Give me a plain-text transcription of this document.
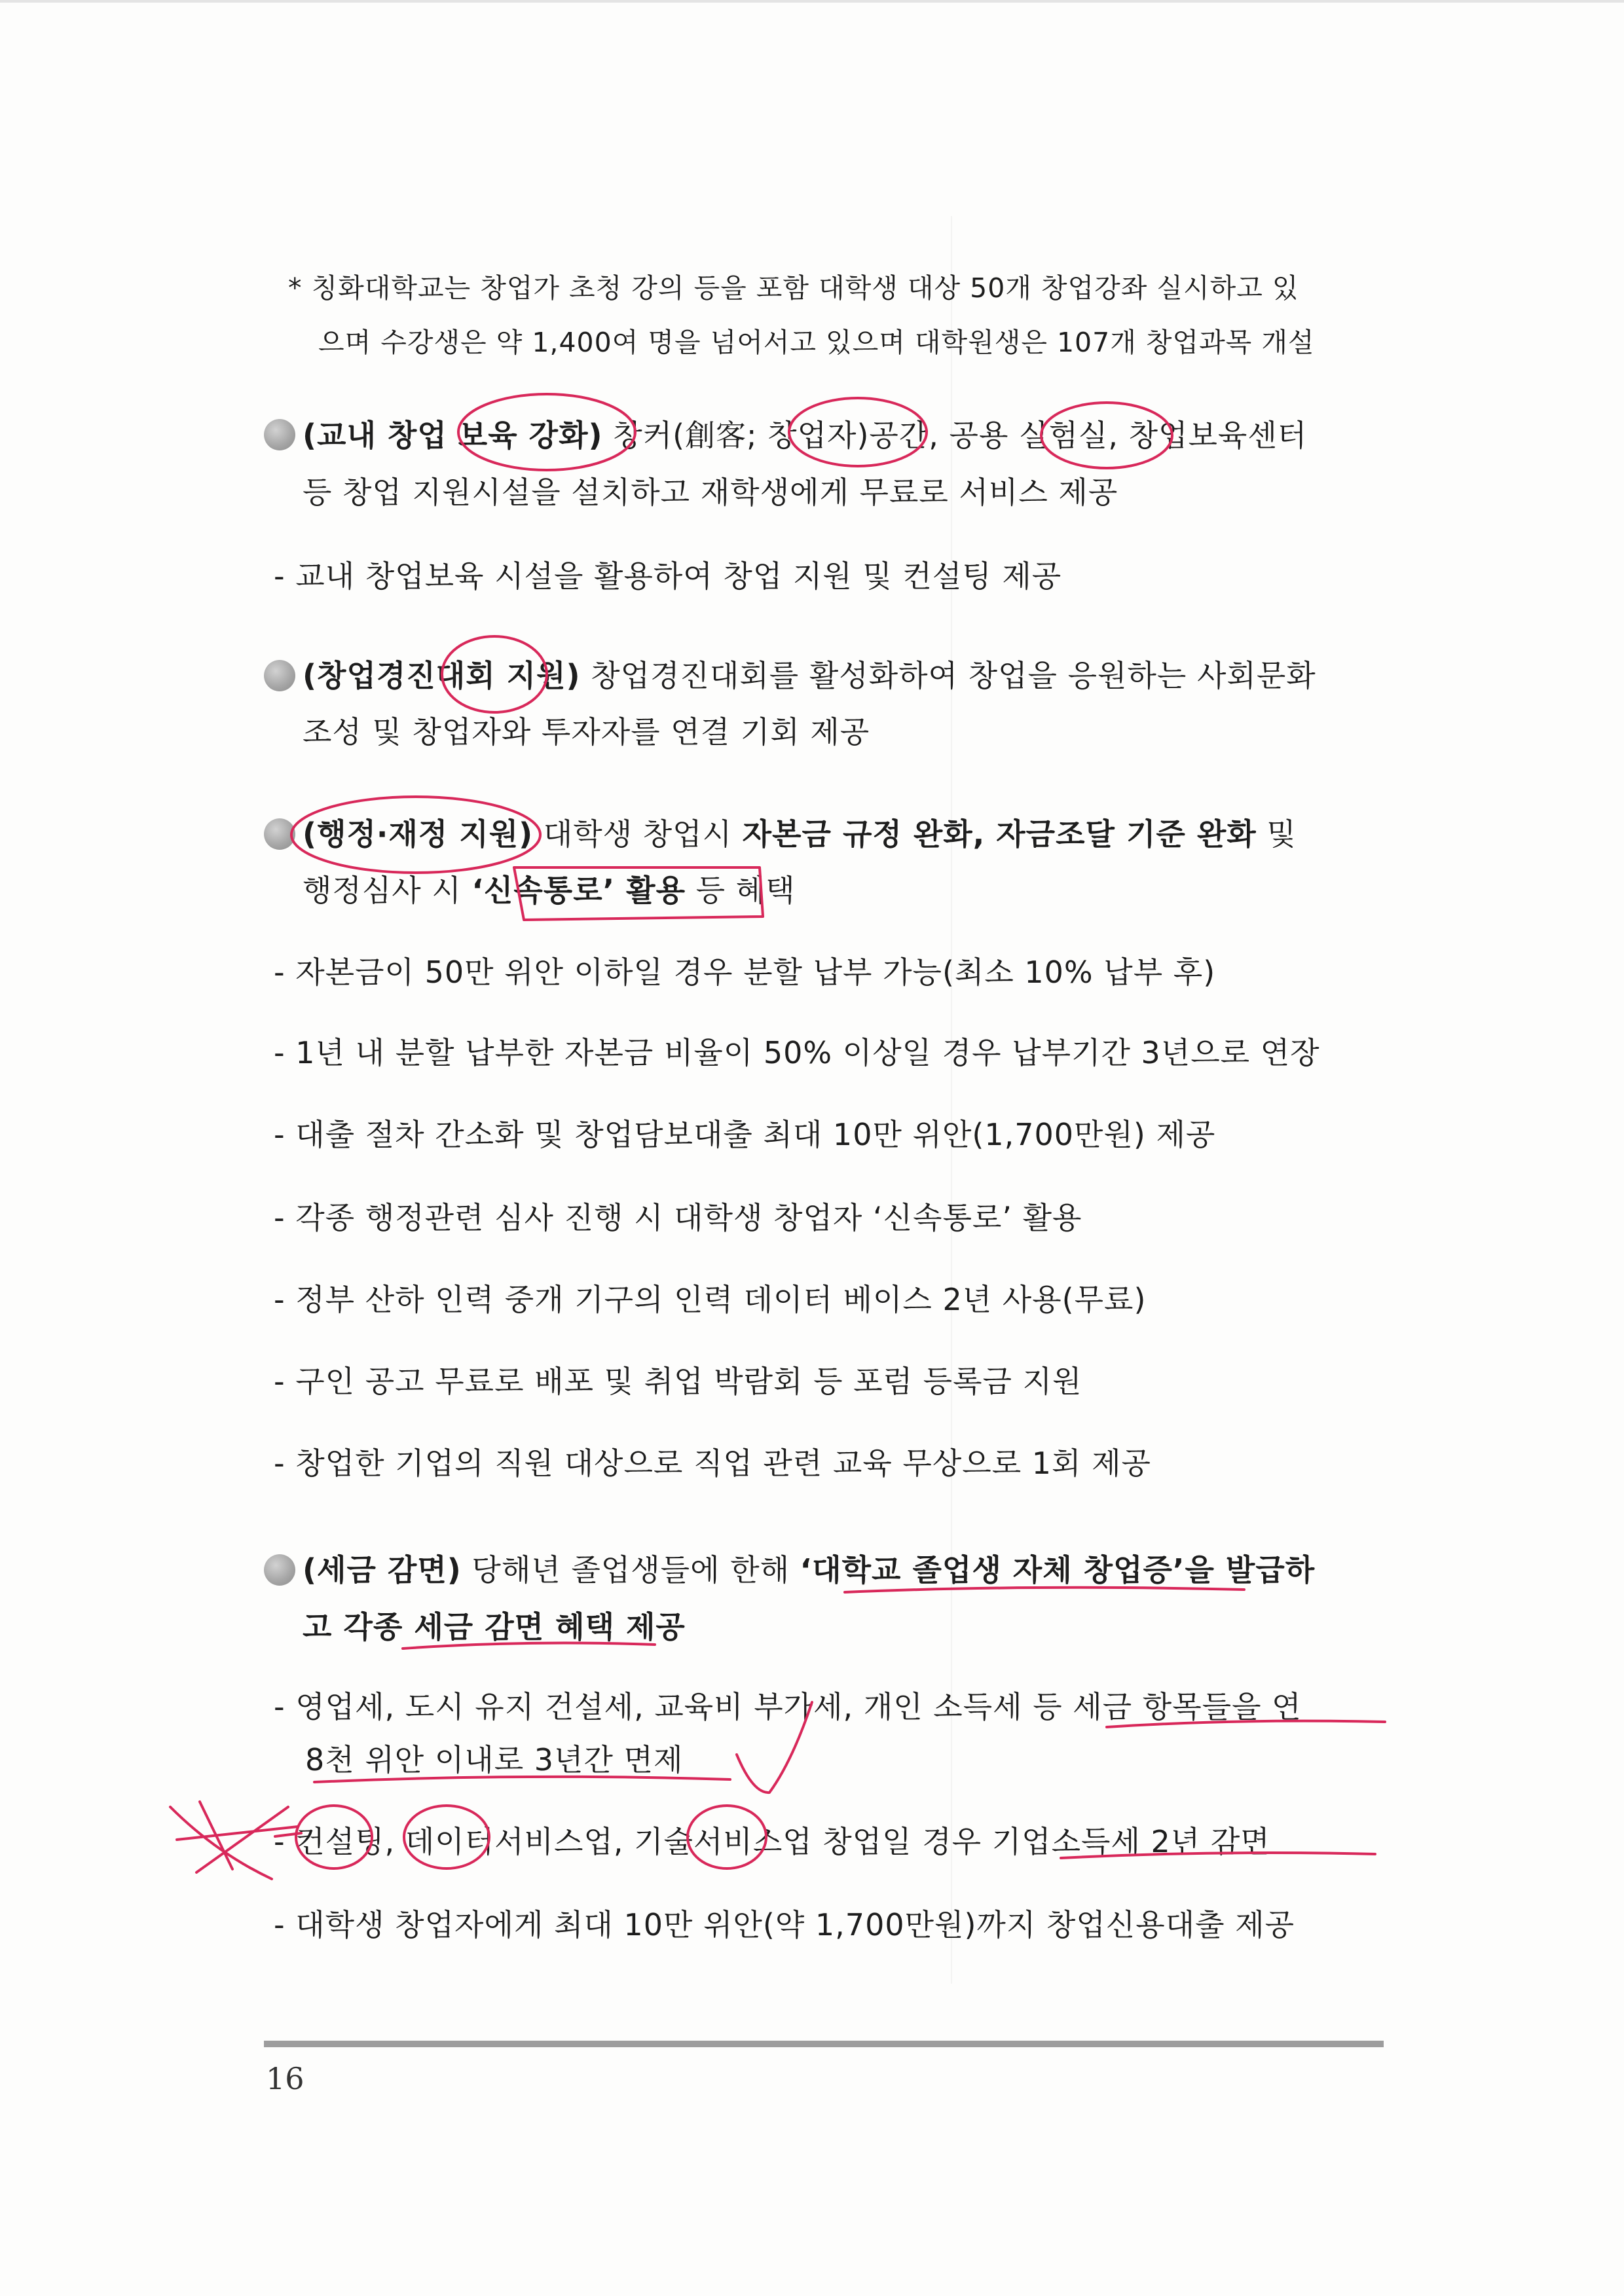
* 칭화대학교는 창업가 초청 강의 등을 포함 대학생 대상 50개 창업강좌 실시하고 있
으며 수강생은 약 1,400여 명을 넘어서고 있으며 대학원생은 107개 창업과목 개설
(교내 창업 보육 강화) 창커(創客; 창업자)공간, 공용 실험실, 창업보육센터
등 창업 지원시설을 설치하고 재학생에게 무료로 서비스 제공
- 교내 창업보육 시설을 활용하여 창업 지원 및 컨설팅 제공
(창업경진대회 지원) 창업경진대회를 활성화하여 창업을 응원하는 사회문화
조성 및 창업자와 투자자를 연결 기회 제공
(행정·재정 지원) 대학생 창업시 자본금 규정 완화, 자금조달 기준 완화 및
행정심사 시 ‘신속통로’ 활용 등 혜택
- 자본금이 50만 위안 이하일 경우 분할 납부 가능(최소 10% 납부 후)
- 1년 내 분할 납부한 자본금 비율이 50% 이상일 경우 납부기간 3년으로 연장
- 대출 절차 간소화 및 창업담보대출 최대 10만 위안(1,700만원) 제공
- 각종 행정관련 심사 진행 시 대학생 창업자 ‘신속통로’ 활용
- 정부 산하 인력 중개 기구의 인력 데이터 베이스 2년 사용(무료)
- 구인 공고 무료로 배포 및 취업 박람회 등 포럼 등록금 지원
- 창업한 기업의 직원 대상으로 직업 관련 교육 무상으로 1회 제공
(세금 감면) 당해년 졸업생들에 한해 ‘대학교 졸업생 자체 창업증’을 발급하
고 각종 세금 감면 혜택 제공
- 영업세, 도시 유지 건설세, 교육비 부가세, 개인 소득세 등 세금 항목들을 연
8천 위안 이내로 3년간 면제
- 컨설팅, 데이터서비스업, 기술서비스업 창업일 경우 기업소득세 2년 감면
- 대학생 창업자에게 최대 10만 위안(약 1,700만원)까지 창업신용대출 제공
16
